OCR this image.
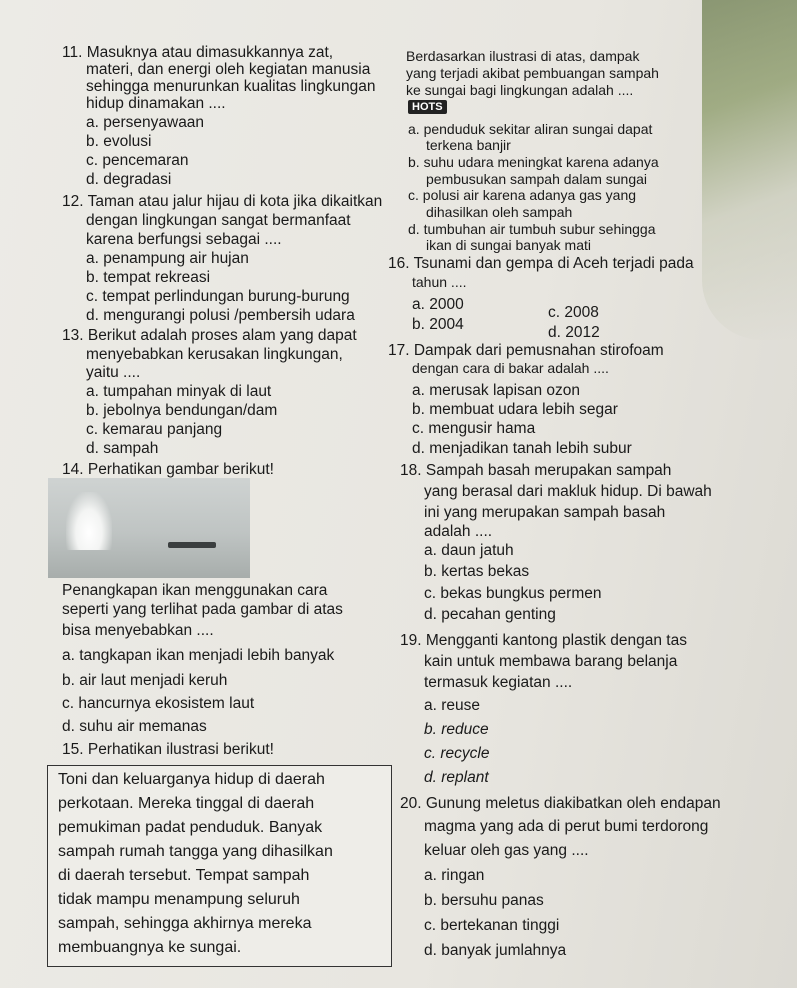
11. Masuknya atau dimasukkannya zat,
materi, dan energi oleh kegiatan manusia
sehingga menurunkan kualitas lingkungan
hidup dinamakan ....
a. persenyawaan
b. evolusi
c. pencemaran
d. degradasi
12. Taman atau jalur hijau di kota jika dikaitkan
dengan lingkungan sangat bermanfaat
karena berfungsi sebagai ....
a. penampung air hujan
b. tempat rekreasi
c. tempat perlindungan burung-burung
d. mengurangi polusi /pembersih udara
13. Berikut adalah proses alam yang dapat
menyebabkan kerusakan lingkungan,
yaitu ....
a. tumpahan minyak di laut
b. jebolnya bendungan/dam
c. kemarau panjang
d. sampah
14. Perhatikan gambar berikut!
Penangkapan ikan menggunakan cara
seperti yang terlihat pada gambar di atas
bisa menyebabkan ....
a. tangkapan ikan menjadi lebih banyak
b. air laut menjadi keruh
c. hancurnya ekosistem laut
d. suhu air memanas
15. Perhatikan ilustrasi berikut!
Toni dan keluarganya hidup di daerah
perkotaan. Mereka tinggal di daerah
pemukiman padat penduduk. Banyak
sampah rumah tangga yang dihasilkan
di daerah tersebut. Tempat sampah
tidak mampu menampung seluruh
sampah, sehingga akhirnya mereka
membuangnya ke sungai.
Berdasarkan ilustrasi di atas, dampak
yang terjadi akibat pembuangan sampah
ke sungai bagi lingkungan adalah ....
HOTS
a. penduduk sekitar aliran sungai dapat
terkena banjir
b. suhu udara meningkat karena adanya
pembusukan sampah dalam sungai
c. polusi air karena adanya gas yang
dihasilkan oleh sampah
d. tumbuhan air tumbuh subur sehingga
ikan di sungai banyak mati
16. Tsunami dan gempa di Aceh terjadi pada
tahun ....
a. 2000
b. 2004
c. 2008
d. 2012
17. Dampak dari pemusnahan stirofoam
dengan cara di bakar adalah ....
a. merusak lapisan ozon
b. membuat udara lebih segar
c. mengusir hama
d. menjadikan tanah lebih subur
18. Sampah basah merupakan sampah
yang berasal dari makluk hidup. Di bawah
ini yang merupakan sampah basah
adalah ....
a. daun jatuh
b. kertas bekas
c. bekas bungkus permen
d. pecahan genting
19. Mengganti kantong plastik dengan tas
kain untuk membawa barang belanja
termasuk kegiatan ....
a. reuse
b. reduce
c. recycle
d. replant
20. Gunung meletus diakibatkan oleh endapan
magma yang ada di perut bumi terdorong
keluar oleh gas yang ....
a. ringan
b. bersuhu panas
c. bertekanan tinggi
d. banyak jumlahnya
